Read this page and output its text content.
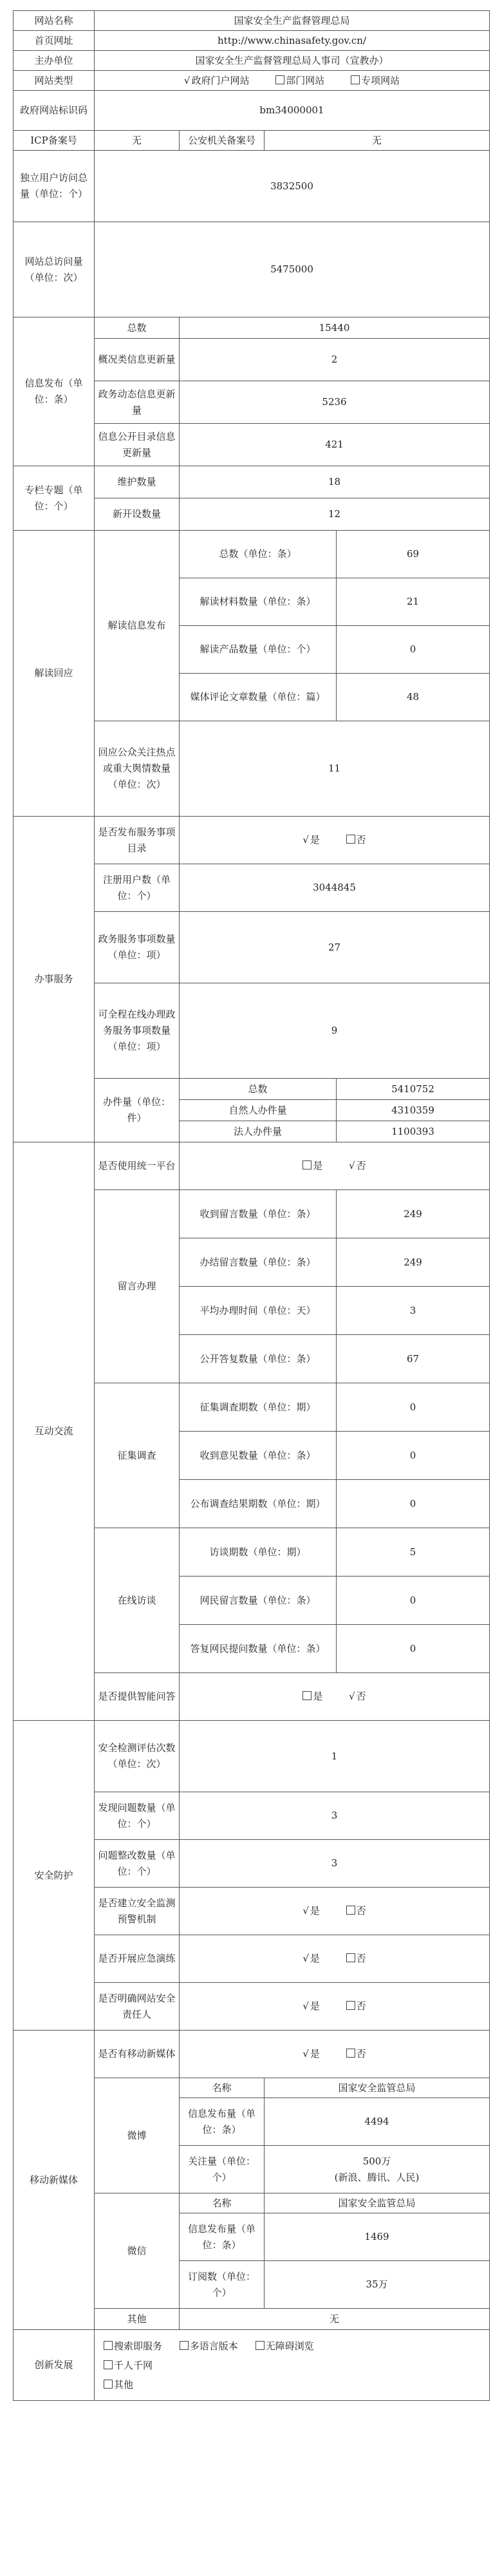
网站名称	国家安全生产监督管理总局			
首页网址	http://www.chinasafety.gov.cn/			
主办单位	国家安全生产监督管理总局人事司（宣教办）			
网站类型	√ 政府门户网站 部门网站 专项网站			
政府网站标识码	bm34000001			
ICP备案号	无	公安机关备案号	无	
独立用户访问总量（单位：个）	3832500			
网站总访问量（单位：次）	5475000			
信息发布（单位：条）	总数	15440		
	概况类信息更新量	2		
	政务动态信息更新量	5236		
	信息公开目录信息更新量	421		
专栏专题（单位：个）	维护数量	18		
	新开设数量	12		
解读回应	解读信息发布	总数（单位：条）		69
		解读材料数量（单位：条）		21
		解读产品数量（单位：个）		0
		媒体评论文章数量（单位：篇）		48
	回应公众关注热点或重大舆情数量（单位：次）	11		
办事服务	是否发布服务事项目录	√ 是 否		
	注册用户数（单位：个）	3044845		
	政务服务事项数量（单位：项）	27		
	可全程在线办理政务服务事项数量（单位：项）	9		
	办件量（单位：件）	总数		5410752
		自然人办件量		4310359
		法人办件量		1100393
互动交流	是否使用统一平台	是 √ 否		
	留言办理	收到留言数量（单位：条）		249
		办结留言数量（单位：条）		249
		平均办理时间（单位：天）		3
		公开答复数量（单位：条）		67
	征集调查	征集调查期数（单位：期）		0
		收到意见数量（单位：条）		0
		公布调查结果期数（单位：期）		0
	在线访谈	访谈期数（单位：期）		5
		网民留言数量（单位：条）		0
		答复网民提问数量（单位：条）		0
	是否提供智能问答	是 √ 否		
安全防护	安全检测评估次数（单位：次）	1		
	发现问题数量（单位：个）	3		
	问题整改数量（单位：个）	3		
	是否建立安全监测预警机制	√ 是 否		
	是否开展应急演练	√ 是 否		
	是否明确网站安全责任人	√ 是 否		
移动新媒体	是否有移动新媒体	√ 是 否		
	微博	名称	国家安全监管总局	
		信息发布量（单位：条）	4494	
		关注量（单位：个）	500万
(新浪、腾讯、人民)	

	微信	名称	国家安全监管总局	
		信息发布量（单位：条）	1469	
		订阅数（单位：个）	35万	
	其他	无		
创新发展	搜索即服务 多语言版本 无障碍浏览
千人千网
其他			
